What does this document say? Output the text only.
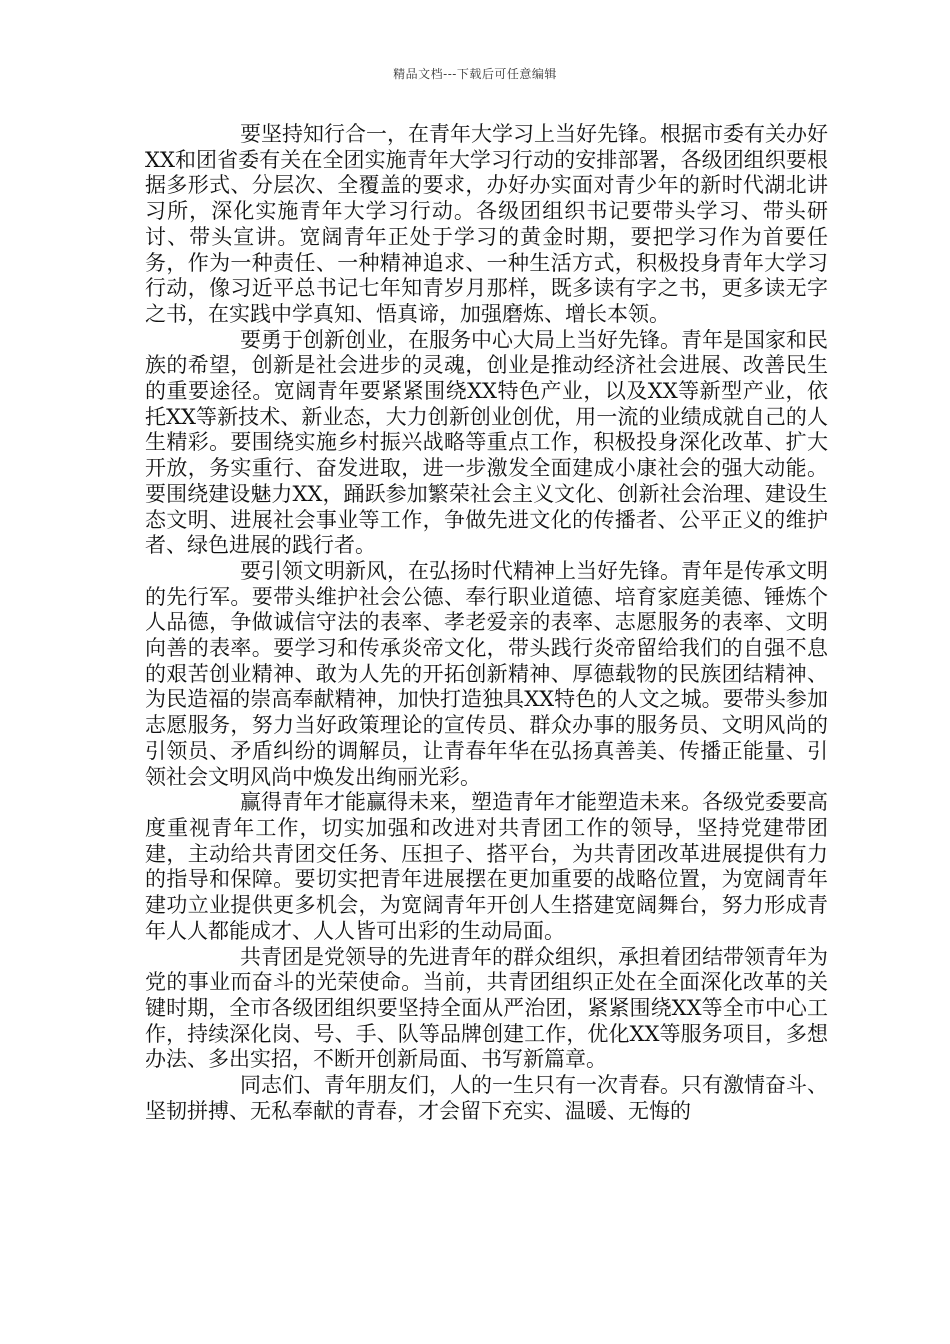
精品文档---下载后可任意编辑

要坚持知行合一，在青年大学习上当好先锋。根据市委有关办好XX和团省委有关在全团实施青年大学习行动的安排部署，各级团组织要根据多形式、分层次、全覆盖的要求，办好办实面对青少年的新时代湖北讲习所，深化实施青年大学习行动。各级团组织书记要带头学习、带头研讨、带头宣讲。宽阔青年正处于学习的黄金时期，要把学习作为首要任务，作为一种责任、一种精神追求、一种生活方式，积极投身青年大学习行动，像习近平总书记七年知青岁月那样，既多读有字之书，更多读无字之书，在实践中学真知、悟真谛，加强磨炼、增长本领。

要勇于创新创业，在服务中心大局上当好先锋。青年是国家和民族的希望，创新是社会进步的灵魂，创业是推动经济社会进展、改善民生的重要途径。宽阔青年要紧紧围绕XX特色产业，以及XX等新型产业，依托XX等新技术、新业态，大力创新创业创优，用一流的业绩成就自己的人生精彩。要围绕实施乡村振兴战略等重点工作，积极投身深化改革、扩大开放，务实重行、奋发进取，进一步激发全面建成小康社会的强大动能。要围绕建设魅力XX，踊跃参加繁荣社会主义文化、创新社会治理、建设生态文明、进展社会事业等工作，争做先进文化的传播者、公平正义的维护者、绿色进展的践行者。

要引领文明新风，在弘扬时代精神上当好先锋。青年是传承文明的先行军。要带头维护社会公德、奉行职业道德、培育家庭美德、锤炼个人品德，争做诚信守法的表率、孝老爱亲的表率、志愿服务的表率、文明向善的表率。要学习和传承炎帝文化，带头践行炎帝留给我们的自强不息的艰苦创业精神、敢为人先的开拓创新精神、厚德载物的民族团结精神、为民造福的崇高奉献精神，加快打造独具XX特色的人文之城。要带头参加志愿服务，努力当好政策理论的宣传员、群众办事的服务员、文明风尚的引领员、矛盾纠纷的调解员，让青春年华在弘扬真善美、传播正能量、引领社会文明风尚中焕发出绚丽光彩。

赢得青年才能赢得未来，塑造青年才能塑造未来。各级党委要高度重视青年工作，切实加强和改进对共青团工作的领导，坚持党建带团建，主动给共青团交任务、压担子、搭平台，为共青团改革进展提供有力的指导和保障。要切实把青年进展摆在更加重要的战略位置，为宽阔青年建功立业提供更多机会，为宽阔青年开创人生搭建宽阔舞台，努力形成青年人人都能成才、人人皆可出彩的生动局面。

共青团是党领导的先进青年的群众组织，承担着团结带领青年为党的事业而奋斗的光荣使命。当前，共青团组织正处在全面深化改革的关键时期，全市各级团组织要坚持全面从严治团，紧紧围绕XX等全市中心工作，持续深化岗、号、手、队等品牌创建工作，优化XX等服务项目，多想办法、多出实招，不断开创新局面、书写新篇章。

同志们、青年朋友们，人的一生只有一次青春。只有激情奋斗、坚韧拼搏、无私奉献的青春，才会留下充实、温暖、无悔的
